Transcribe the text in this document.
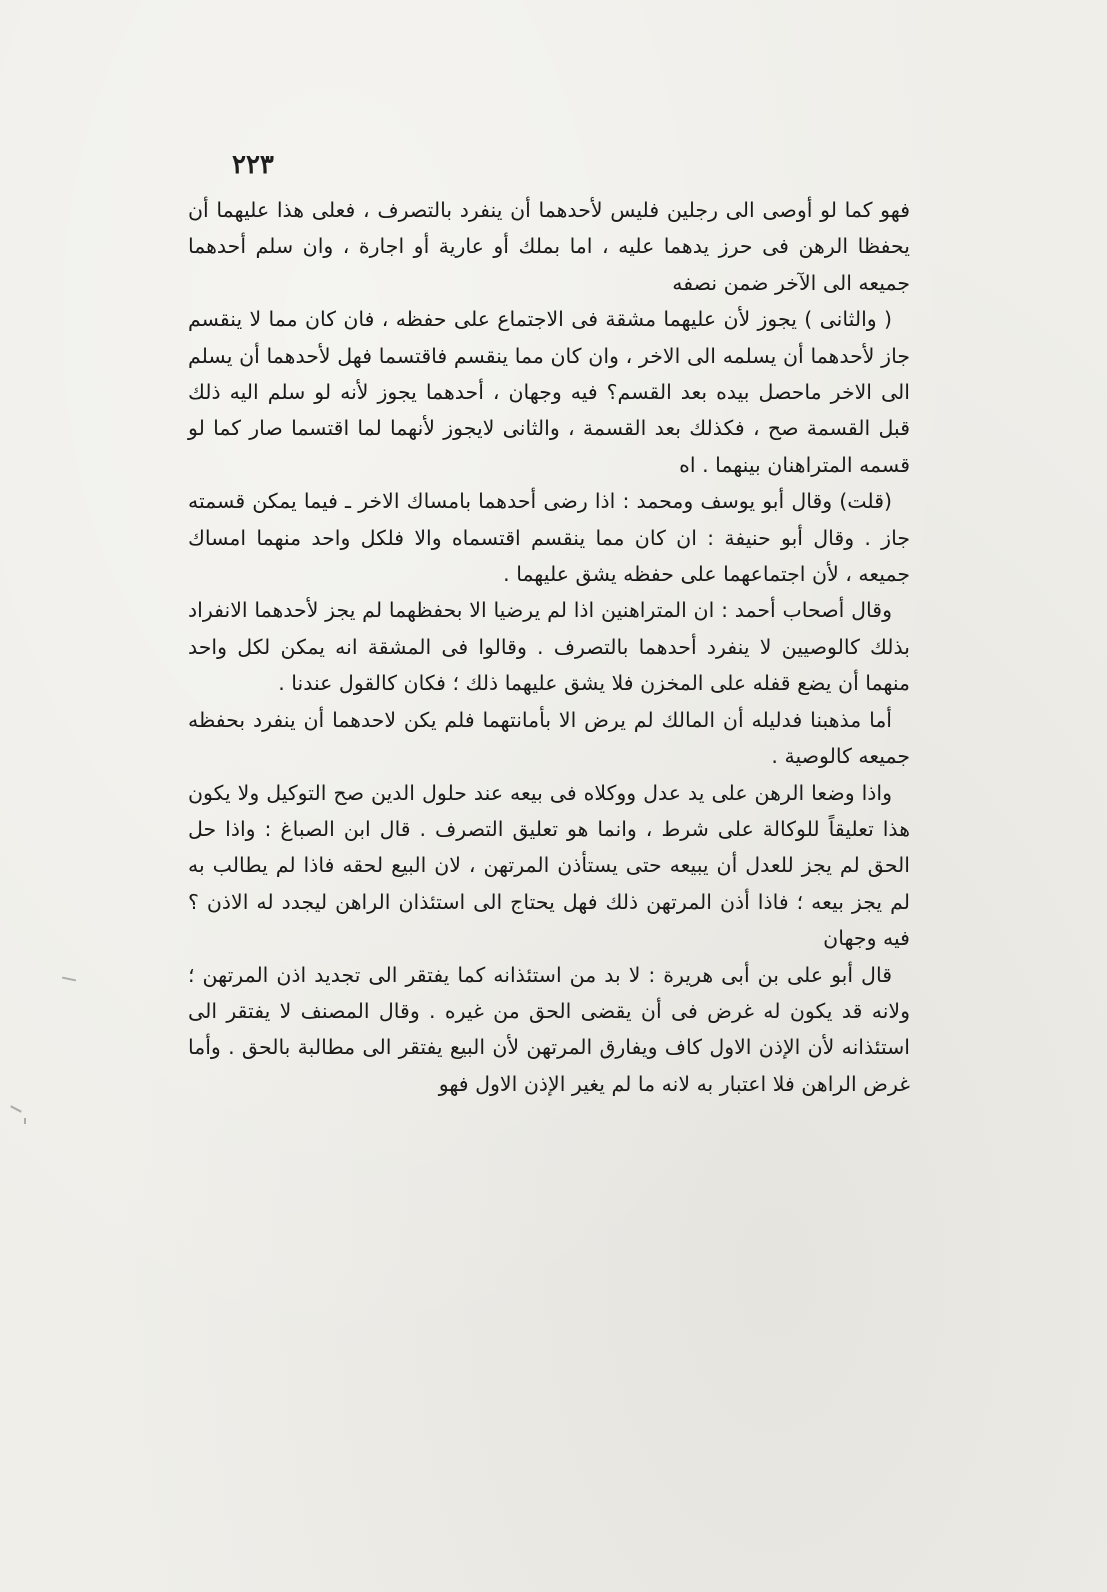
٢٢٣

فهو كما لو أوصى الى رجلين فليس لأحدهما أن ينفرد بالتصرف ، فعلى هذا عليهما أن يحفظا الرهن فى حرز يدهما عليه ، اما بملك أو عارية أو اجارة ، وان سلم أحدهما جميعه الى الآخر ضمن نصفه

( والثانى ) يجوز لأن عليهما مشقة فى الاجتماع على حفظه ، فان كان مما لا ينقسم جاز لأحدهما أن يسلمه الى الاخر ، وان كان مما ينقسم فاقتسما فهل لأحدهما أن يسلم الى الاخر ماحصل بيده بعد القسم؟ فيه وجهان ، أحدهما يجوز لأنه لو سلم اليه ذلك قبل القسمة صح ، فكذلك بعد القسمة ، والثانى لايجوز لأنهما لما اقتسما صار كما لو قسمه المتراهنان بينهما . اه

(قلت) وقال أبو يوسف ومحمد : اذا رضى أحدهما بامساك الاخر ـ فيما يمكن قسمته جاز . وقال أبو حنيفة : ان كان مما ينقسم اقتسماه والا فلكل واحد منهما امساك جميعه ، لأن اجتماعهما على حفظه يشق عليهما .

وقال أصحاب أحمد : ان المتراهنين اذا لم يرضيا الا بحفظهما لم يجز لأحدهما الانفراد بذلك كالوصيين لا ينفرد أحدهما بالتصرف . وقالوا فى المشقة انه يمكن لكل واحد منهما أن يضع قفله على المخزن فلا يشق عليهما ذلك ؛ فكان كالقول عندنا .

أما مذهبنا فدليله أن المالك لم يرض الا بأمانتهما فلم يكن لاحدهما أن ينفرد بحفظه جميعه كالوصية .

واذا وضعا الرهن على يد عدل ووكلاه فى بيعه عند حلول الدين صح التوكيل ولا يكون هذا تعليقاً للوكالة على شرط ، وانما هو تعليق التصرف . قال ابن الصباغ : واذا حل الحق لم يجز للعدل أن يبيعه حتى يستأذن المرتهن ، لان البيع لحقه فاذا لم يطالب به لم يجز بيعه ؛ فاذا أذن المرتهن ذلك فهل يحتاج الى استئذان الراهن ليجدد له الاذن ؟ فيه وجهان

قال أبو على بن أبى هريرة : لا بد من استئذانه كما يفتقر الى تجديد اذن المرتهن ؛ ولانه قد يكون له غرض فى أن يقضى الحق من غيره . وقال المصنف لا يفتقر الى استئذانه لأن الإذن الاول كاف ويفارق المرتهن لأن البيع يفتقر الى مطالبة بالحق . وأما غرض الراهن فلا اعتبار به لانه ما لم يغير الإذن الاول فهو
